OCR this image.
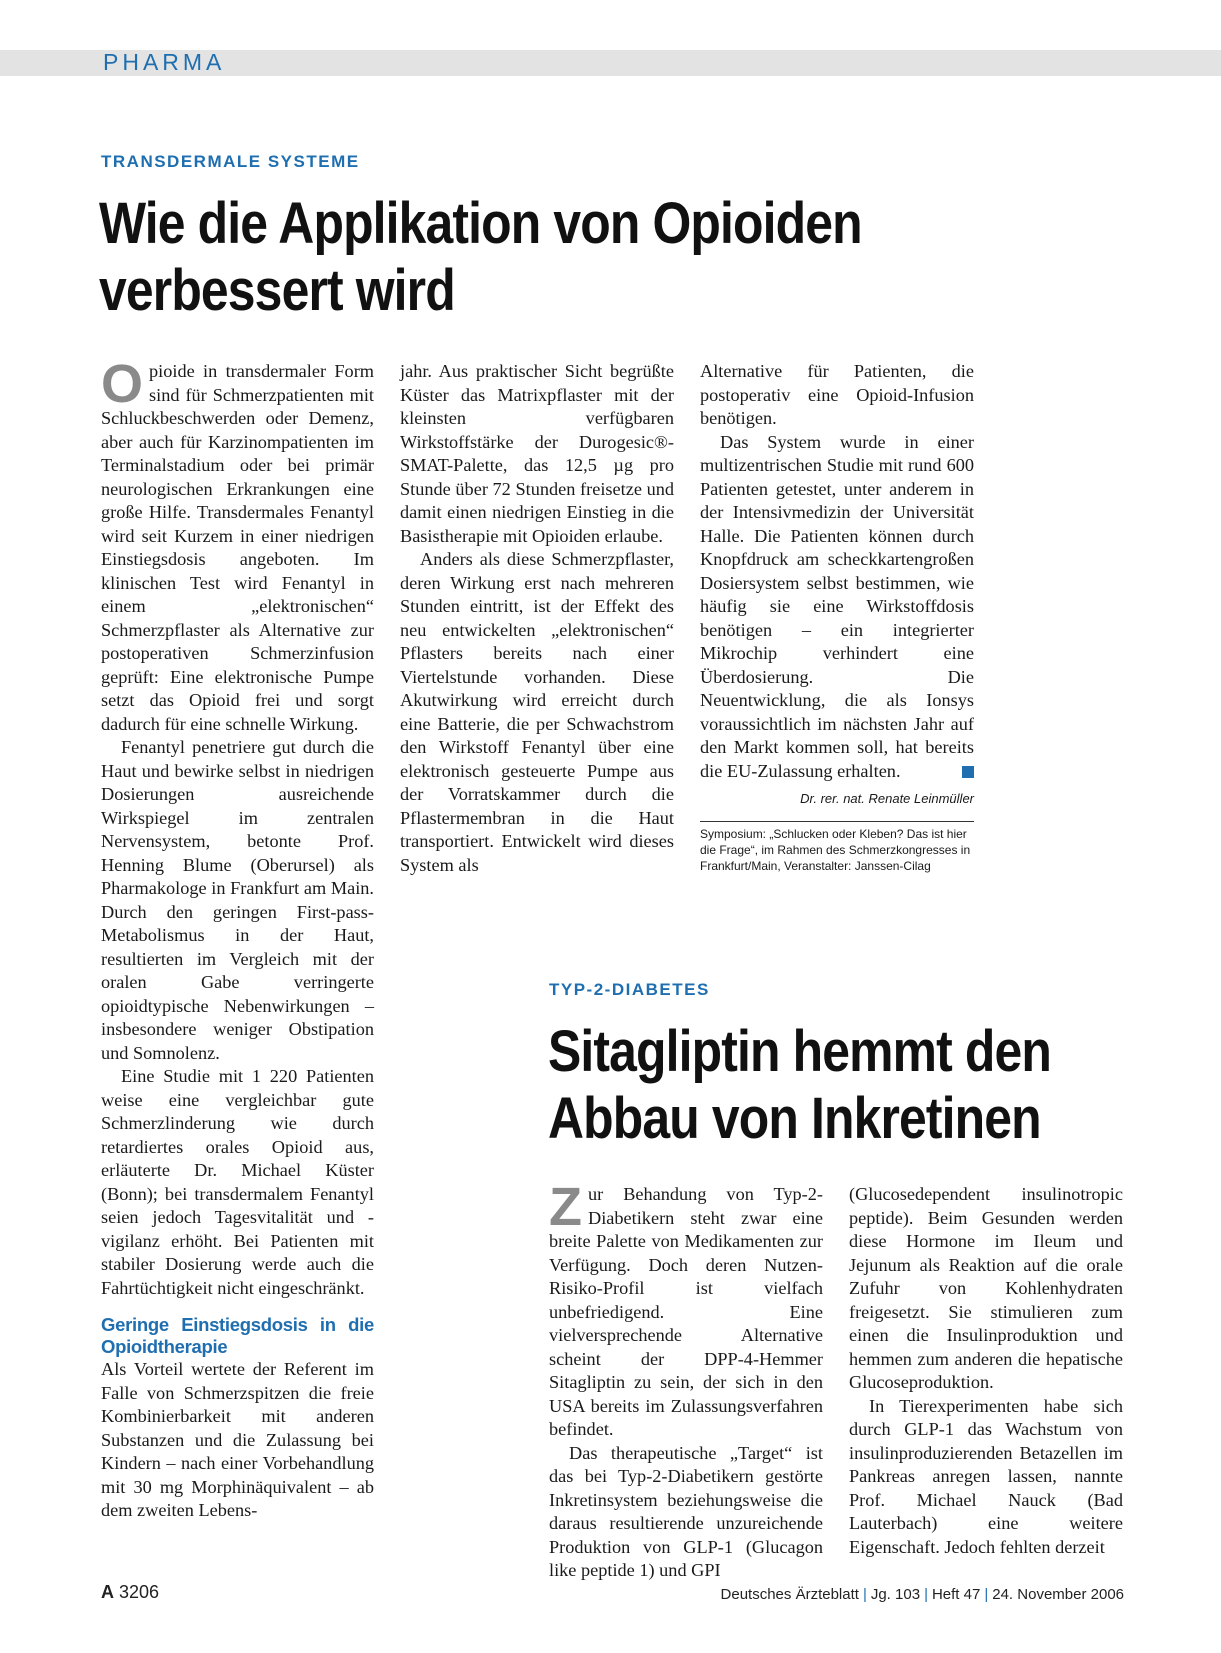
PHARMA
TRANSDERMALE SYSTEME
Wie die Applikation von Opioiden
verbessert wird

Opioide in transdermaler Form sind für Schmerzpatienten mit Schluckbeschwerden oder Demenz, aber auch für Karzinompatienten im Terminalstadium oder bei primär neurologischen Erkrankungen eine große Hilfe. Transdermales Fenantyl wird seit Kurzem in einer niedrigen Einstiegsdosis angeboten. Im klinischen Test wird Fenantyl in einem „elektronischen“ Schmerzpflaster als Alternative zur postoperativen Schmerzinfusion geprüft: Eine elektronische Pumpe setzt das Opioid frei und sorgt dadurch für eine schnelle Wirkung.

Fenantyl penetriere gut durch die Haut und bewirke selbst in niedrigen Dosierungen ausreichende Wirkspiegel im zentralen Nervensystem, betonte Prof. Henning Blume (Oberursel) als Pharmakologe in Frankfurt am Main. Durch den geringen First-pass-Metabolismus in der Haut, resultierten im Vergleich mit der oralen Gabe verringerte opioidtypische Nebenwirkungen – insbesondere weniger Obstipation und Somnolenz.

Eine Studie mit 1 220 Patienten weise eine vergleichbar gute Schmerzlinderung wie durch retardiertes orales Opioid aus, erläuterte Dr. Michael Küster (Bonn); bei transdermalem Fenantyl seien jedoch Tagesvitalität und -vigilanz erhöht. Bei Patienten mit stabiler Dosierung werde auch die Fahrtüchtigkeit nicht eingeschränkt.

Geringe Einstiegsdosis in die Opioidtherapie

Als Vorteil wertete der Referent im Falle von Schmerzspitzen die freie Kombinierbarkeit mit anderen Substanzen und die Zulassung bei Kindern – nach einer Vorbehandlung mit 30 mg Morphinäquivalent – ab dem zweiten Lebens-

jahr. Aus praktischer Sicht begrüßte Küster das Matrixpflaster mit der kleinsten verfügbaren Wirkstoffstärke der Durogesic®-SMAT-Palette, das 12,5 µg pro Stunde über 72 Stunden freisetze und damit einen niedrigen Einstieg in die Basistherapie mit Opioiden erlaube.

Anders als diese Schmerzpflaster, deren Wirkung erst nach mehreren Stunden eintritt, ist der Effekt des neu entwickelten „elektronischen“ Pflasters bereits nach einer Viertelstunde vorhanden. Diese Akutwirkung wird erreicht durch eine Batterie, die per Schwachstrom den Wirkstoff Fenantyl über eine elektronisch gesteuerte Pumpe aus der Vorratskammer durch die Pflastermembran in die Haut transportiert. Entwickelt wird dieses System als

Alternative für Patienten, die postoperativ eine Opioid-Infusion benötigen.

Das System wurde in einer multizentrischen Studie mit rund 600 Patienten getestet, unter anderem in der Intensivmedizin der Universität Halle. Die Patienten können durch Knopfdruck am scheckkartengroßen Dosiersystem selbst bestimmen, wie häufig sie eine Wirkstoffdosis benötigen – ein integrierter Mikrochip verhindert eine Überdosierung. Die Neuentwicklung, die als Ionsys voraussichtlich im nächsten Jahr auf den Markt kommen soll, hat bereits die EU-Zulassung erhalten.

Dr. rer. nat. Renate Leinmüller
Symposium: „Schlucken oder Kleben? Das ist hier die Frage“, im Rahmen des Schmerzkongresses in Frankfurt/Main, Veranstalter: Janssen-Cilag
TYP-2-DIABETES
Sitagliptin hemmt den
Abbau von Inkretinen

Zur Behandung von Typ-2-Diabetikern steht zwar eine breite Palette von Medikamenten zur Verfügung. Doch deren Nutzen-Risiko-Profil ist vielfach unbefriedigend. Eine vielversprechende Alternative scheint der DPP-4-Hemmer Sitagliptin zu sein, der sich in den USA bereits im Zulassungsverfahren befindet.

Das therapeutische „Target“ ist das bei Typ-2-Diabetikern gestörte Inkretinsystem beziehungsweise die daraus resultierende unzureichende Produktion von GLP-1 (Glucagon like peptide 1) und GPI

(Glucosedependent insulinotropic peptide). Beim Gesunden werden diese Hormone im Ileum und Jejunum als Reaktion auf die orale Zufuhr von Kohlenhydraten freigesetzt. Sie stimulieren zum einen die Insulinproduktion und hemmen zum anderen die hepatische Glucoseproduktion.

In Tierexperimenten habe sich durch GLP-1 das Wachstum von insulinproduzierenden Betazellen im Pankreas anregen lassen, nannte Prof. Michael Nauck (Bad Lauterbach) eine weitere Eigenschaft. Jedoch fehlten derzeit

A 3206	Deutsches Ärzteblatt | Jg. 103 | Heft 47 | 24. November 2006
